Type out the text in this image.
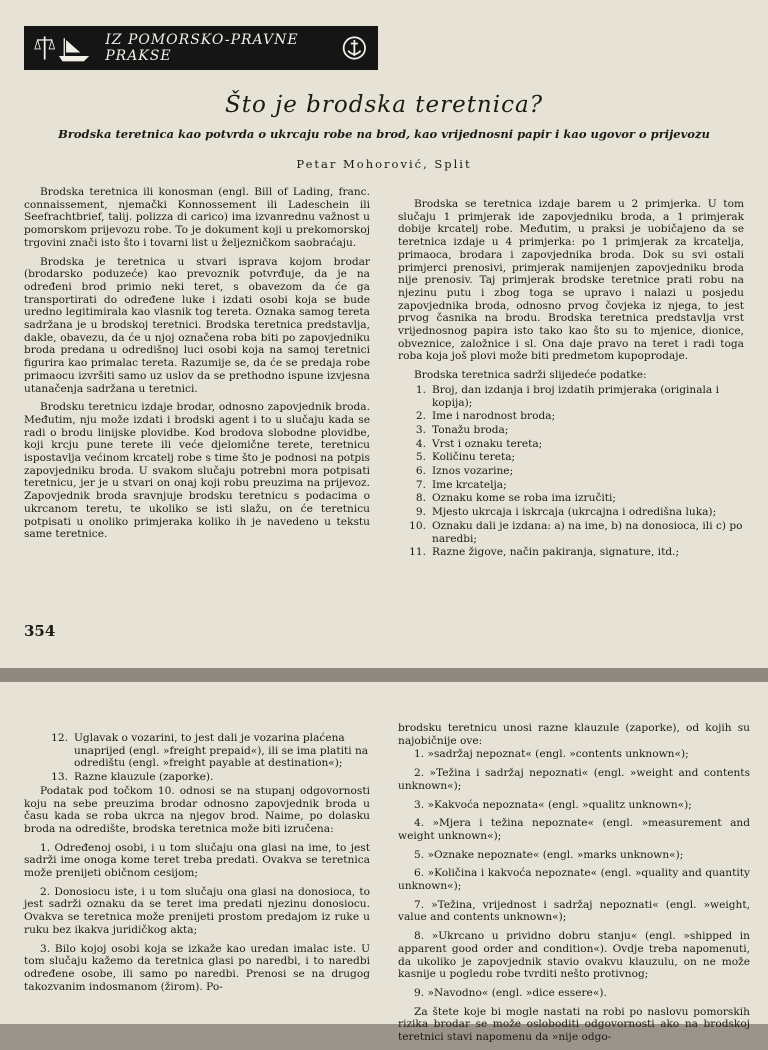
IZ POMORSKO-PRAVNE PRAKSE
Što je brodska teretnica?
Brodska teretnica kao potvrda o ukrcaju robe na brod, kao vrijednosni papir i kao ugovor o prijevozu
Petar Mohorović, Split

Brodska teretnica ili konosman (engl. Bill of Lading, franc. connaissement, njemački Konnossement ili Ladeschein ili Seefrachtbrief, talij. polizza di carico) ima izvanrednu važnost u pomorskom prijevozu robe. To je dokument koji u prekomorskoj trgovini znači isto što i tovarni list u željezničkom saobraćaju.

Brodska je teretnica u stvari isprava kojom brodar (brodarsko poduzeće) kao prevoznik potvrđuje, da je na određeni brod primio neki teret, s obavezom da će ga transportirati do određene luke i izdati osobi koja se bude uredno legitimirala kao vlasnik tog tereta. Oznaka samog tereta sadržana je u brodskoj teretnici. Brodska teretnica predstavlja, dakle, obavezu, da će u njoj označena roba biti po zapovjedniku broda predana u odredišnoj luci osobi koja na samoj teretnici figurira kao primalac tereta. Razumije se, da će se predaja robe primaocu izvršiti samo uz uslov da se prethodno ispune izvjesna utanačenja sadržana u teretnici.

Brodsku teretnicu izdaje brodar, odnosno zapovjednik broda. Međutim, nju može izdati i brodski agent i to u slučaju kada se radi o brodu linijske plovidbe. Kod brodova slobodne plovidbe, koji krcju pune terete ili veće djelomične terete, teretnicu ispostavlja većinom krcatelj robe s time što je podnosi na potpis zapovjedniku broda. U svakom slučaju potrebni mora potpisati teretnicu, jer je u stvari on onaj koji robu preuzima na prijevoz. Zapovjednik broda sravnjuje brodsku teretnicu s podacima o ukrcanom teretu, te ukoliko se isti slažu, on će teretnicu potpisati u onoliko primjeraka koliko ih je navedeno u tekstu same teretnice.

Brodska se teretnica izdaje barem u 2 primjerka. U tom slučaju 1 primjerak ide zapovjedniku broda, a 1 primjerak dobije krcatelj robe. Međutim, u praksi je uobičajeno da se teretnica izdaje u 4 primjerka: po 1 primjerak za krcatelja, primaoca, brodara i zapovjednika broda. Dok su svi ostali primjerci prenosivi, primjerak namijenjen zapovjedniku broda nije prenosiv. Taj primjerak brodske teretnice prati robu na njezinu putu i zbog toga se upravo i nalazi u posjedu zapovjednika broda, odnosno prvog čovjeka iz njega, to jest prvog časnika na brodu. Brodska teretnica predstavlja vrst vrijednosnog papira isto tako kao što su to mjenice, dionice, obveznice, založnice i sl. Ona daje pravo na teret i radi toga roba koja još plovi može biti predmetom kupoprodaje.

Brodska teretnica sadrži slijedeće podatke:

1. Broj, dan izdanja i broj izdatih primjeraka (originala i kopija);
2. Ime i narodnost broda;
3. Tonažu broda;
4. Vrst i oznaku tereta;
5. Količinu tereta;
6. Iznos vozarine;
7. Ime krcatelja;
8. Oznaku kome se roba ima izručiti;
9. Mjesto ukrcaja i iskrcaja (ukrcajna i odredišna luka);
10. Oznaku dali je izdana: a) na ime, b) na donosioca, ili c) po naredbi;
11. Razne žigove, način pakiranja, signature, itd.;
354
12. Uglavak o vozarini, to jest dali je vozarina plaćena unaprijed (engl. »freight prepaid«), ili se ima platiti na odredištu (engl. »freight payable at destination«);
13. Razne klauzule (zaporke).

Podatak pod točkom 10. odnosi se na stupanj odgovornosti koju na sebe preuzima brodar odnosno zapovjednik broda u času kada se roba ukrca na njegov brod. Naime, po dolasku broda na odredište, brodska teretnica može biti izručena:

1. Određenoj osobi, i u tom slučaju ona glasi na ime, to jest sadrži ime onoga kome teret treba predati. Ovakva se teretnica može prenijeti običnom cesijom;

2. Donosiocu iste, i u tom slučaju ona glasi na donosioca, to jest sadrži oznaku da se teret ima predati njezinu donosiocu. Ovakva se teretnica može prenijeti prostom predajom iz ruke u ruku bez ikakva juridičkog akta;

3. Bilo kojoj osobi koja se izkaže kao uredan imalac iste. U tom slučaju kažemo da teretnica glasi po naredbi, i to naredbi određene osobe, ili samo po naredbi. Prenosi se na drugog takozvanim indosmanom (žirom). Po-

brodsku teretnicu unosi razne klauzule (zaporke), od kojih su najobičnije ove:

1. »sadržaj nepoznat« (engl. »contents unknown«);

2. »Težina i sadržaj nepoznati« (engl. »weight and contents unknown«);

3. »Kakvoća nepoznata« (engl. »qualitz unknown«);

4. »Mjera i težina nepoznate« (engl. »measurement and weight unknown«);

5. »Oznake nepoznate« (engl. »marks unknown«);

6. »Količina i kakvoća nepoznate« (engl. »quality and quantity unknown«);

7. »Težina, vrijednost i sadržaj nepoznati« (engl. »weight, value and contents unknown«);

8. »Ukrcano u prividno dobru stanju« (engl. »shipped in apparent good order and condition«). Ovdje treba napomenuti, da ukoliko je zapovjednik stavio ovakvu klauzulu, on ne može kasnije u pogledu robe tvrditi nešto protivnog;

9. »Navodno« (engl. »dice essere«).

Za štete koje bi mogle nastati na robi po naslovu pomorskih rizika brodar se može osloboditi odgovornosti ako na brodskoj teretnici stavi napomenu da »nije odgo-
